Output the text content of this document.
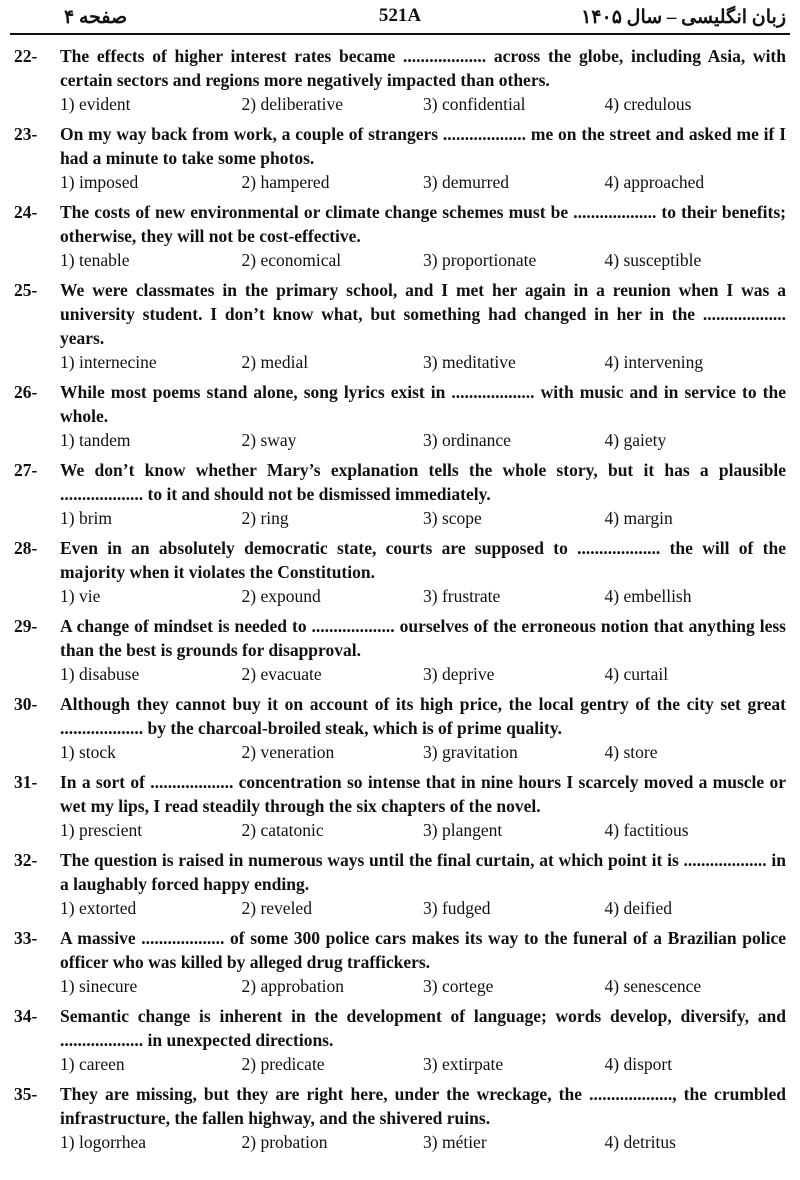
صفحه ۴	521A	زبان انگلیسی – سال ۱۴۰۵
22- The effects of higher interest rates became ................... across the globe, including Asia, with certain sectors and regions more negatively impacted than others.

1) evident	2) deliberative	3) confidential	4) credulous
23- On my way back from work, a couple of strangers ................... me on the street and asked me if I had a minute to take some photos.

1) imposed	2) hampered	3) demurred	4) approached
24- The costs of new environmental or climate change schemes must be ................... to their benefits; otherwise, they will not be cost-effective.

1) tenable	2) economical	3) proportionate	4) susceptible
25- We were classmates in the primary school, and I met her again in a reunion when I was a university student. I don’t know what, but something had changed in her in the ................... years.

1) internecine	2) medial	3) meditative	4) intervening
26- While most poems stand alone, song lyrics exist in ................... with music and in service to the whole.

1) tandem	2) sway	3) ordinance	4) gaiety
27- We don’t know whether Mary’s explanation tells the whole story, but it has a plausible ................... to it and should not be dismissed immediately.

1) brim	2) ring	3) scope	4) margin
28- Even in an absolutely democratic state, courts are supposed to ................... the will of the majority when it violates the Constitution.

1) vie	2) expound	3) frustrate	4) embellish
29- A change of mindset is needed to ................... ourselves of the erroneous notion that anything less than the best is grounds for disapproval.

1) disabuse	2) evacuate	3) deprive	4) curtail
30- Although they cannot buy it on account of its high price, the local gentry of the city set great ................... by the charcoal-broiled steak, which is of prime quality.

1) stock	2) veneration	3) gravitation	4) store
31- In a sort of ................... concentration so intense that in nine hours I scarcely moved a muscle or wet my lips, I read steadily through the six chapters of the novel.

1) prescient	2) catatonic	3) plangent	4) factitious
32- The question is raised in numerous ways until the final curtain, at which point it is ................... in a laughably forced happy ending.

1) extorted	2) reveled	3) fudged	4) deified
33- A massive ................... of some 300 police cars makes its way to the funeral of a Brazilian police officer who was killed by alleged drug traffickers.

1) sinecure	2) approbation	3) cortege	4) senescence
34- Semantic change is inherent in the development of language; words develop, diversify, and ................... in unexpected directions.

1) careen	2) predicate	3) extirpate	4) disport
35- They are missing, but they are right here, under the wreckage, the ..................., the crumbled infrastructure, the fallen highway, and the shivered ruins.

1) logorrhea	2) probation	3) métier	4) detritus
